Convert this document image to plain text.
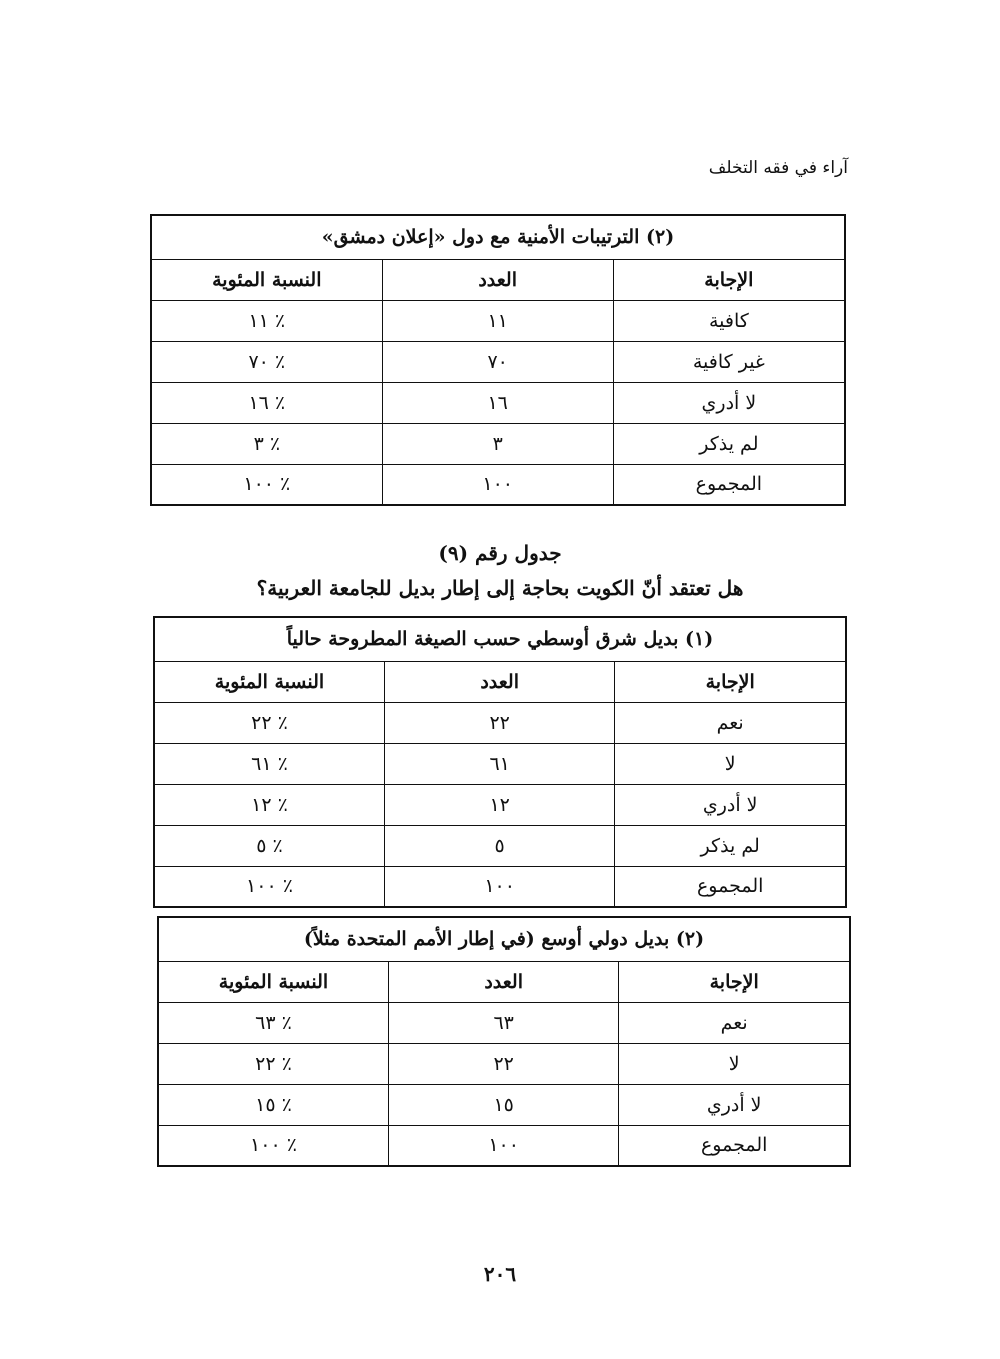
آراء في فقه التخلف
(٢) الترتيبات الأمنية مع دول «إعلان دمشق»		
الإجابة	العدد	النسبة المئوية
كافية	١١	٪ ١١
غير كافية	٧٠	٪ ٧٠
لا أدري	١٦	٪ ١٦
لم يذكر	٣	٪ ٣
المجموع	١٠٠	٪ ١٠٠
جدول رقم (٩)
هل تعتقد أنّ الكويت بحاجة إلى إطار بديل للجامعة العربية؟
(١) بديل شرق أوسطي حسب الصيغة المطروحة حالياً		
الإجابة	العدد	النسبة المئوية
نعم	٢٢	٪ ٢٢
لا	٦١	٪ ٦١
لا أدري	١٢	٪ ١٢
لم يذكر	٥	٪ ٥
المجموع	١٠٠	٪ ١٠٠
(٢) بديل دولي أوسع (في إطار الأمم المتحدة مثلاً)		
الإجابة	العدد	النسبة المئوية
نعم	٦٣	٪ ٦٣
لا	٢٢	٪ ٢٢
لا أدري	١٥	٪ ١٥
المجموع	١٠٠	٪ ١٠٠
٢٠٦
